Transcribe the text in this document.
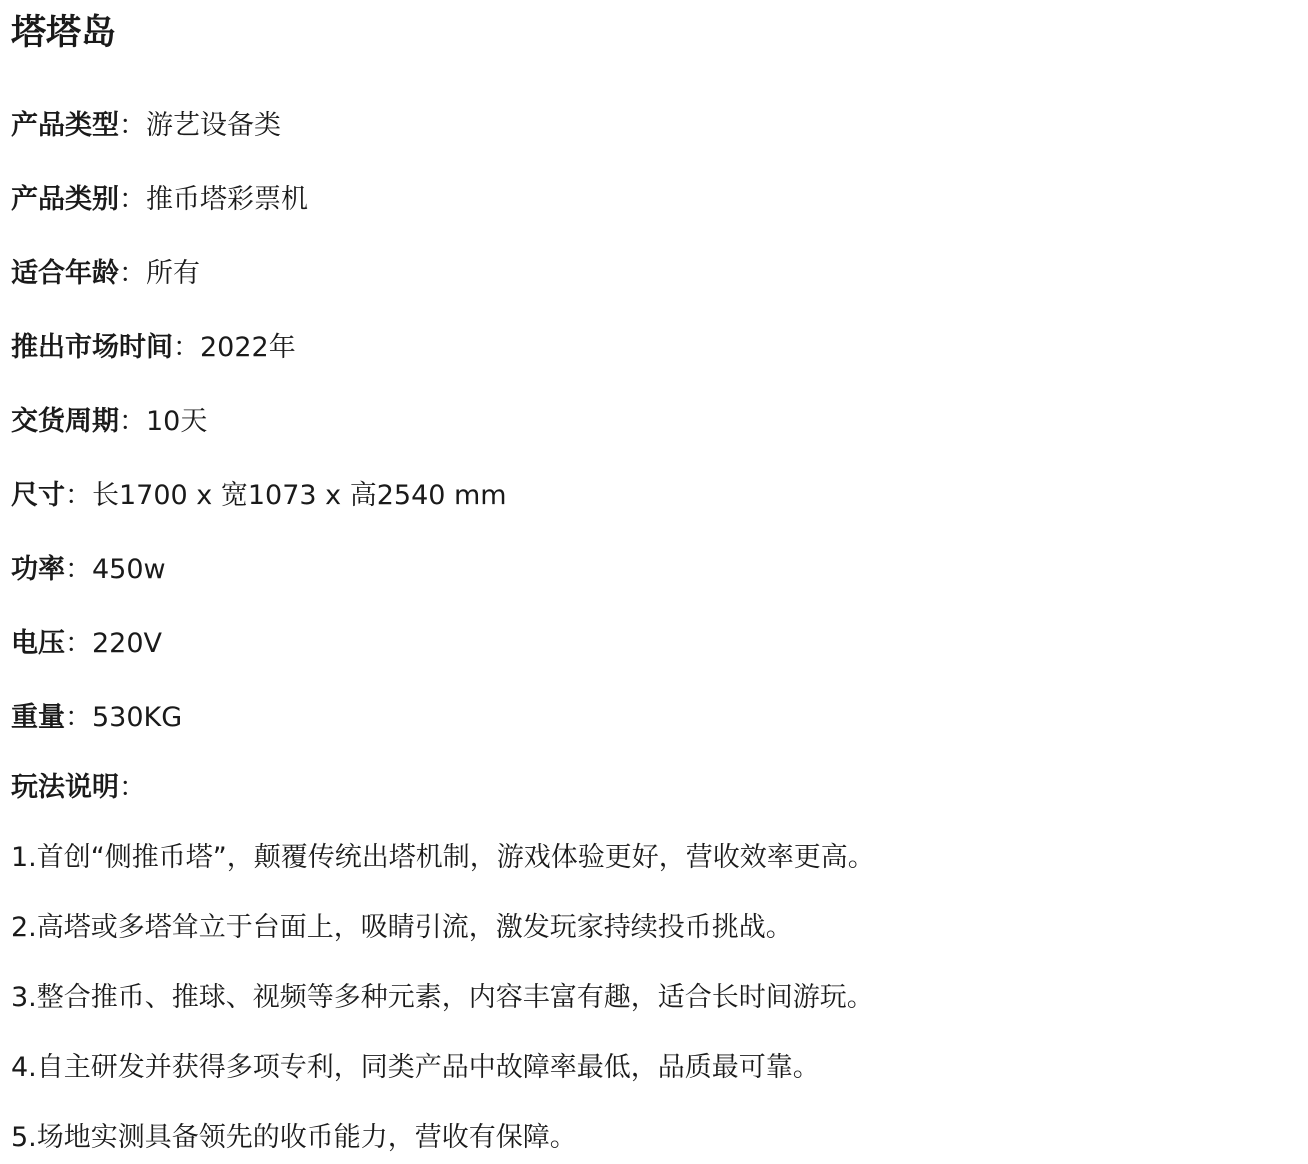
塔塔岛
产品类型：游艺设备类
产品类别：推币塔彩票机
适合年龄：所有
推出市场时间：2022年
交货周期：10天
尺寸：长1700 x 宽1073 x 高2540 mm
功率：450w
电压：220V
重量：530KG
玩法说明：
1.首创“侧推币塔”，颠覆传统出塔机制，游戏体验更好，营收效率更高。
2.高塔或多塔耸立于台面上，吸睛引流，激发玩家持续投币挑战。
3.整合推币、推球、视频等多种元素，内容丰富有趣，适合长时间游玩。
4.自主研发并获得多项专利，同类产品中故障率最低，品质最可靠。
5.场地实测具备领先的收币能力，营收有保障。
